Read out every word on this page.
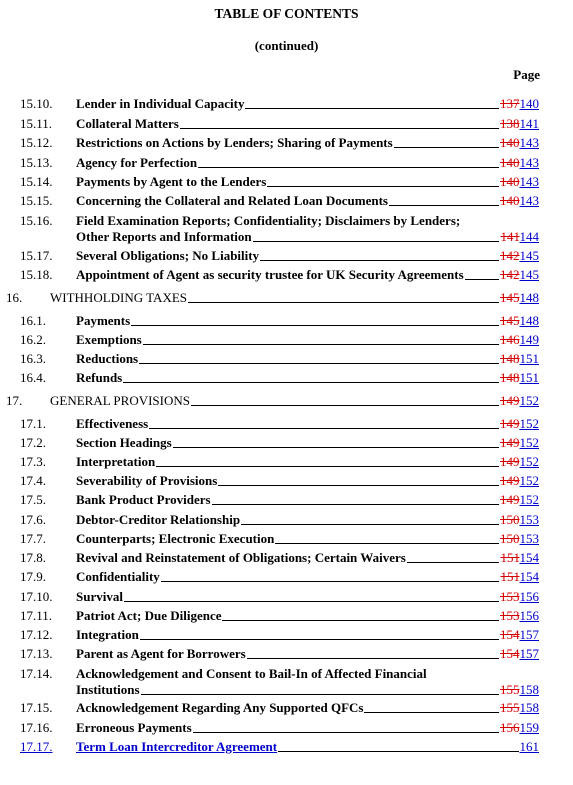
TABLE OF CONTENTS
(continued)
Page
15.10. Lender in Individual Capacity	137140
15.11. Collateral Matters	138141
15.12. Restrictions on Actions by Lenders; Sharing of Payments	140143
15.13. Agency for Perfection	140143
15.14. Payments by Agent to the Lenders	140143
15.15. Concerning the Collateral and Related Loan Documents	140143
15.16. Field Examination Reports; Confidentiality; Disclaimers by Lenders;
Other Reports and Information	141144
15.17. Several Obligations; No Liability	142145
15.18. Appointment of Agent as security trustee for UK Security Agreements	142145
16. WITHHOLDING TAXES	145148
16.1. Payments	145148
16.2. Exemptions	146149
16.3. Reductions	148151
16.4. Refunds	148151
17. GENERAL PROVISIONS	149152
17.1. Effectiveness	149152
17.2. Section Headings	149152
17.3. Interpretation	149152
17.4. Severability of Provisions	149152
17.5. Bank Product Providers	149152
17.6. Debtor-Creditor Relationship	150153
17.7. Counterparts; Electronic Execution	150153
17.8. Revival and Reinstatement of Obligations; Certain Waivers	151154
17.9. Confidentiality	151154
17.10. Survival	153156
17.11. Patriot Act; Due Diligence	153156
17.12. Integration	154157
17.13. Parent as Agent for Borrowers	154157
17.14. Acknowledgement and Consent to Bail-In of Affected Financial
Institutions	155158
17.15. Acknowledgement Regarding Any Supported QFCs	155158
17.16. Erroneous Payments	156159
17.17. Term Loan Intercreditor Agreement	161
